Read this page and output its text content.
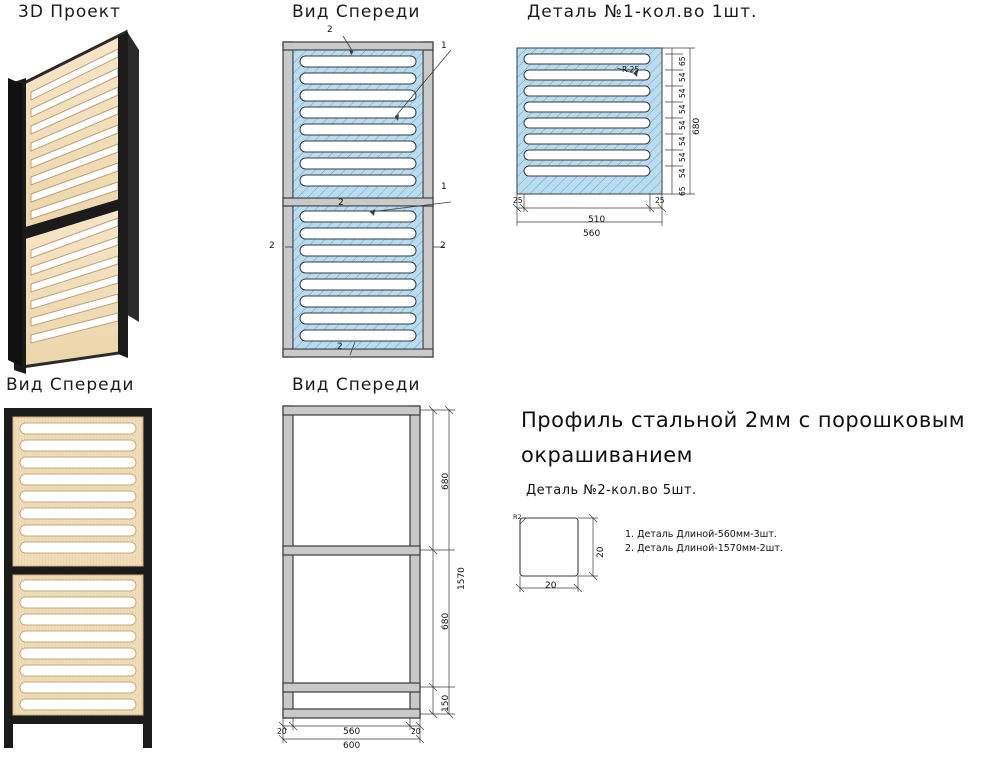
3D Проект	Вид Спереди	Деталь №1-кол.во 1шт.
Вид Спереди	Вид Спереди
2
1
1
2	2
2
2
R-25
680
510
560
25	25
65
54
54
54
54
54
54
54
65
680
680
150
1570
560
600
20	20
Профиль стальной 2мм с порошковым
окрашиванием
Деталь №2-кол.во 5шт.
R2
20
20
1. Деталь Длиной-560мм-3шт.
2. Деталь Длиной-1570мм-2шт.
